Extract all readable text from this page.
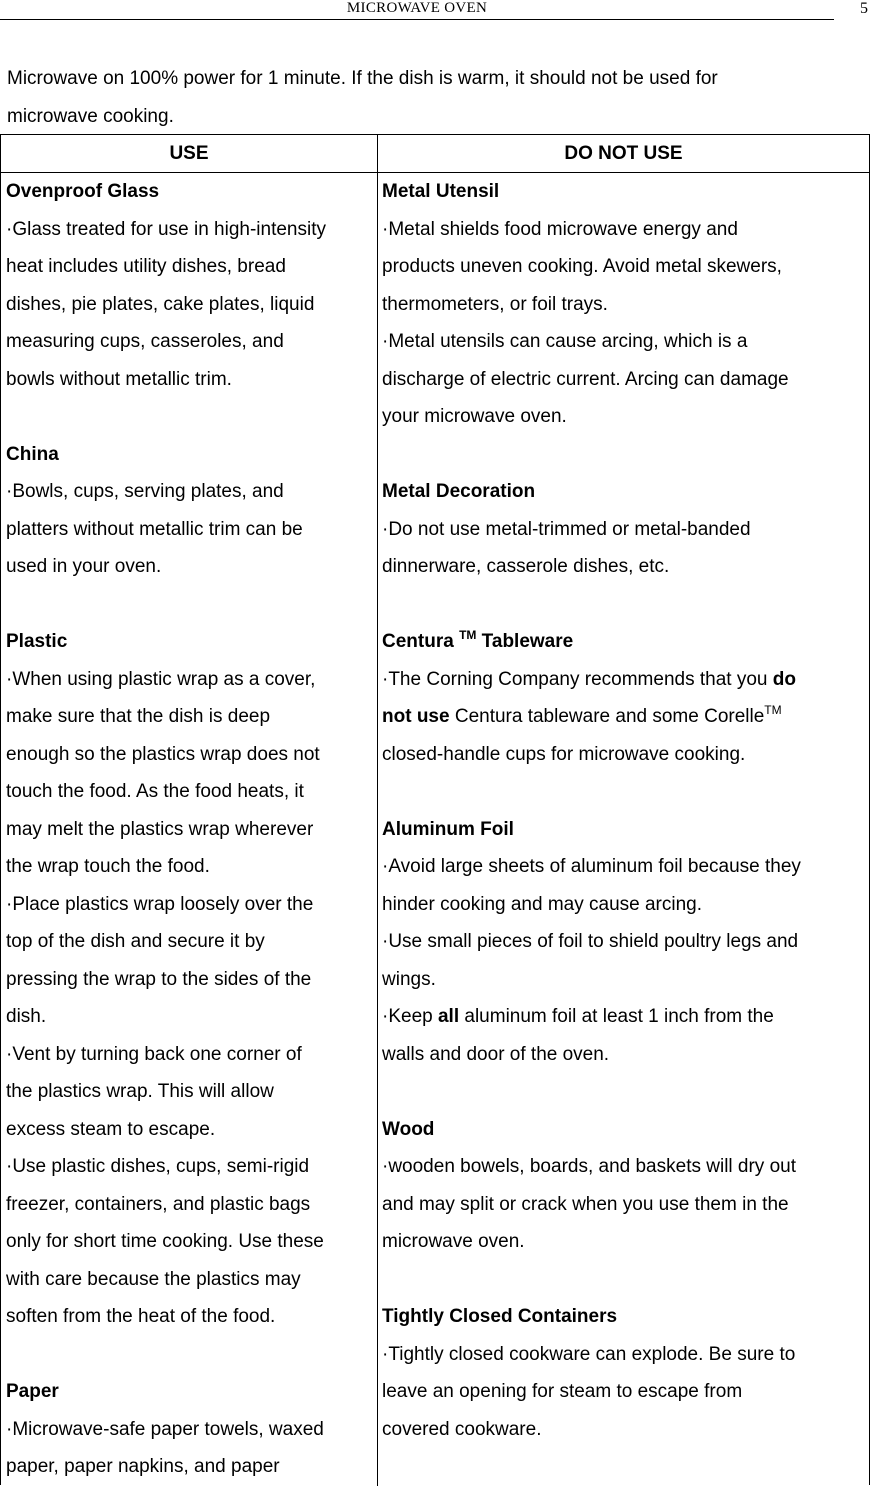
MICROWAVE OVEN	5
Microwave on 100% power for 1 minute. If the dish is warm, it should not be used for
microwave cooking.
USE	DO NOT USE
Ovenproof Glass
·Glass treated for use in high-intensity
heat includes utility dishes, bread
dishes, pie plates, cake plates, liquid
measuring cups, casseroles, and
bowls without metallic trim.
China
·Bowls, cups, serving plates, and
platters without metallic trim can be
used in your oven.
Plastic
·When using plastic wrap as a cover,
make sure that the dish is deep
enough so the plastics wrap does not
touch the food. As the food heats, it
may melt the plastics wrap wherever
the wrap touch the food.
·Place plastics wrap loosely over the
top of the dish and secure it by
pressing the wrap to the sides of the
dish.
·Vent by turning back one corner of
the plastics wrap. This will allow
excess steam to escape.
·Use plastic dishes, cups, semi-rigid
freezer, containers, and plastic bags
only for short time cooking. Use these
with care because the plastics may
soften from the heat of the food.
Paper
·Microwave-safe paper towels, waxed
paper, paper napkins, and paper
Metal Utensil
·Metal shields food microwave energy and
products uneven cooking. Avoid metal skewers,
thermometers, or foil trays.
·Metal utensils can cause arcing, which is a
discharge of electric current. Arcing can damage
your microwave oven.
Metal Decoration
·Do not use metal-trimmed or metal-banded
dinnerware, casserole dishes, etc.
Centura ™ Tableware
·The Corning Company recommends that you do
not use Centura tableware and some Corelle™
closed-handle cups for microwave cooking.
Aluminum Foil
·Avoid large sheets of aluminum foil because they
hinder cooking and may cause arcing.
·Use small pieces of foil to shield poultry legs and
wings.
·Keep all aluminum foil at least 1 inch from the
walls and door of the oven.
Wood
·wooden bowels, boards, and baskets will dry out
and may split or crack when you use them in the
microwave oven.
Tightly Closed Containers
·Tightly closed cookware can explode. Be sure to
leave an opening for steam to escape from
covered cookware.
